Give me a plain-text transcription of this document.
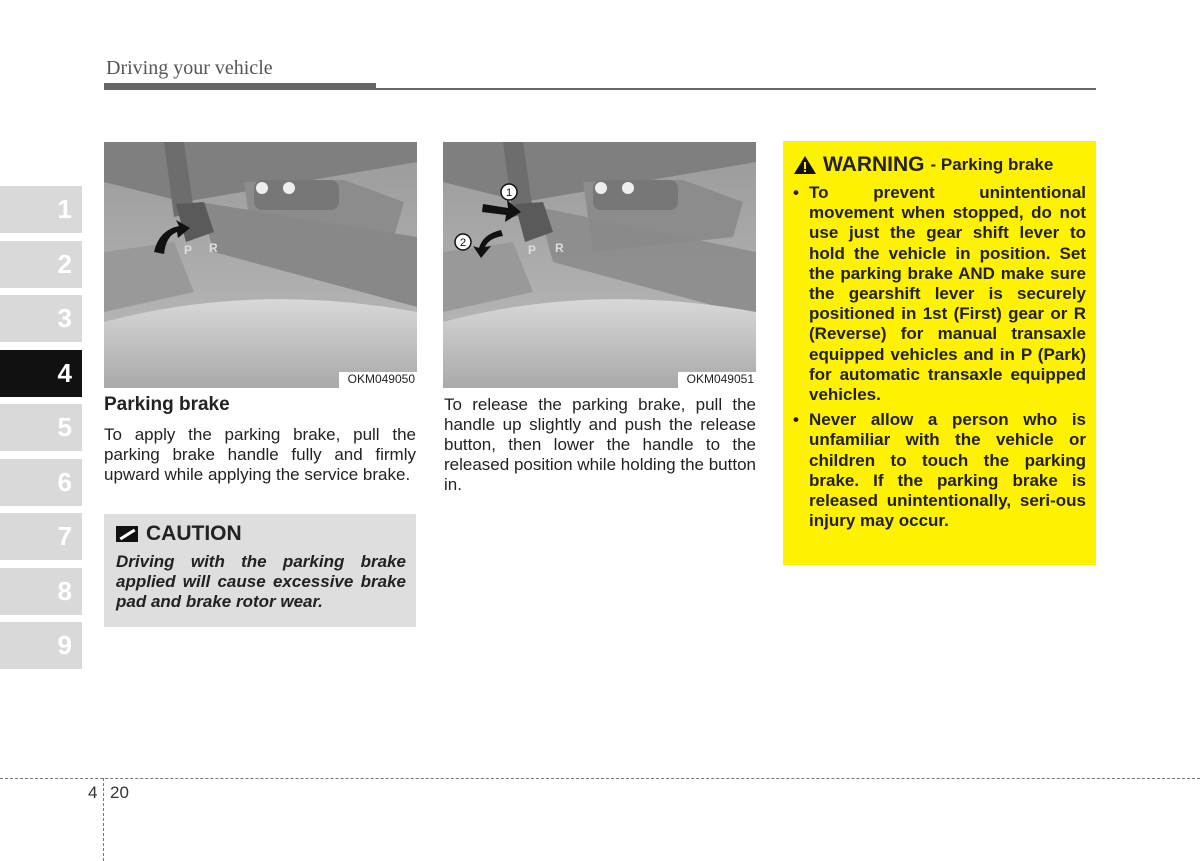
Driving your vehicle
1
2
3
4
5
6
7
8
9
P R
OKM049050
1
2	P R
OKM049051
Parking brake
To apply the parking brake, pull the parking brake handle fully and firmly upward while applying the service brake.
To release the parking brake, pull the handle up slightly and push the release button, then lower the handle to the released position while holding the button in.
CAUTION
Driving with the parking brake applied will cause excessive brake pad and brake rotor wear.
WARNING - Parking brake
• To prevent unintentional movement when stopped, do not use just the gear shift lever to hold the vehicle in position. Set the parking brake AND make sure the gearshift lever is securely positioned in 1st (First) gear or R (Reverse) for manual transaxle equipped vehicles and in P (Park) for automatic transaxle equipped vehicles.
• Never allow a person who is unfamiliar with the vehicle or children to touch the parking brake. If the parking brake is released unintentionally, seri-ous injury may occur.
4 20
